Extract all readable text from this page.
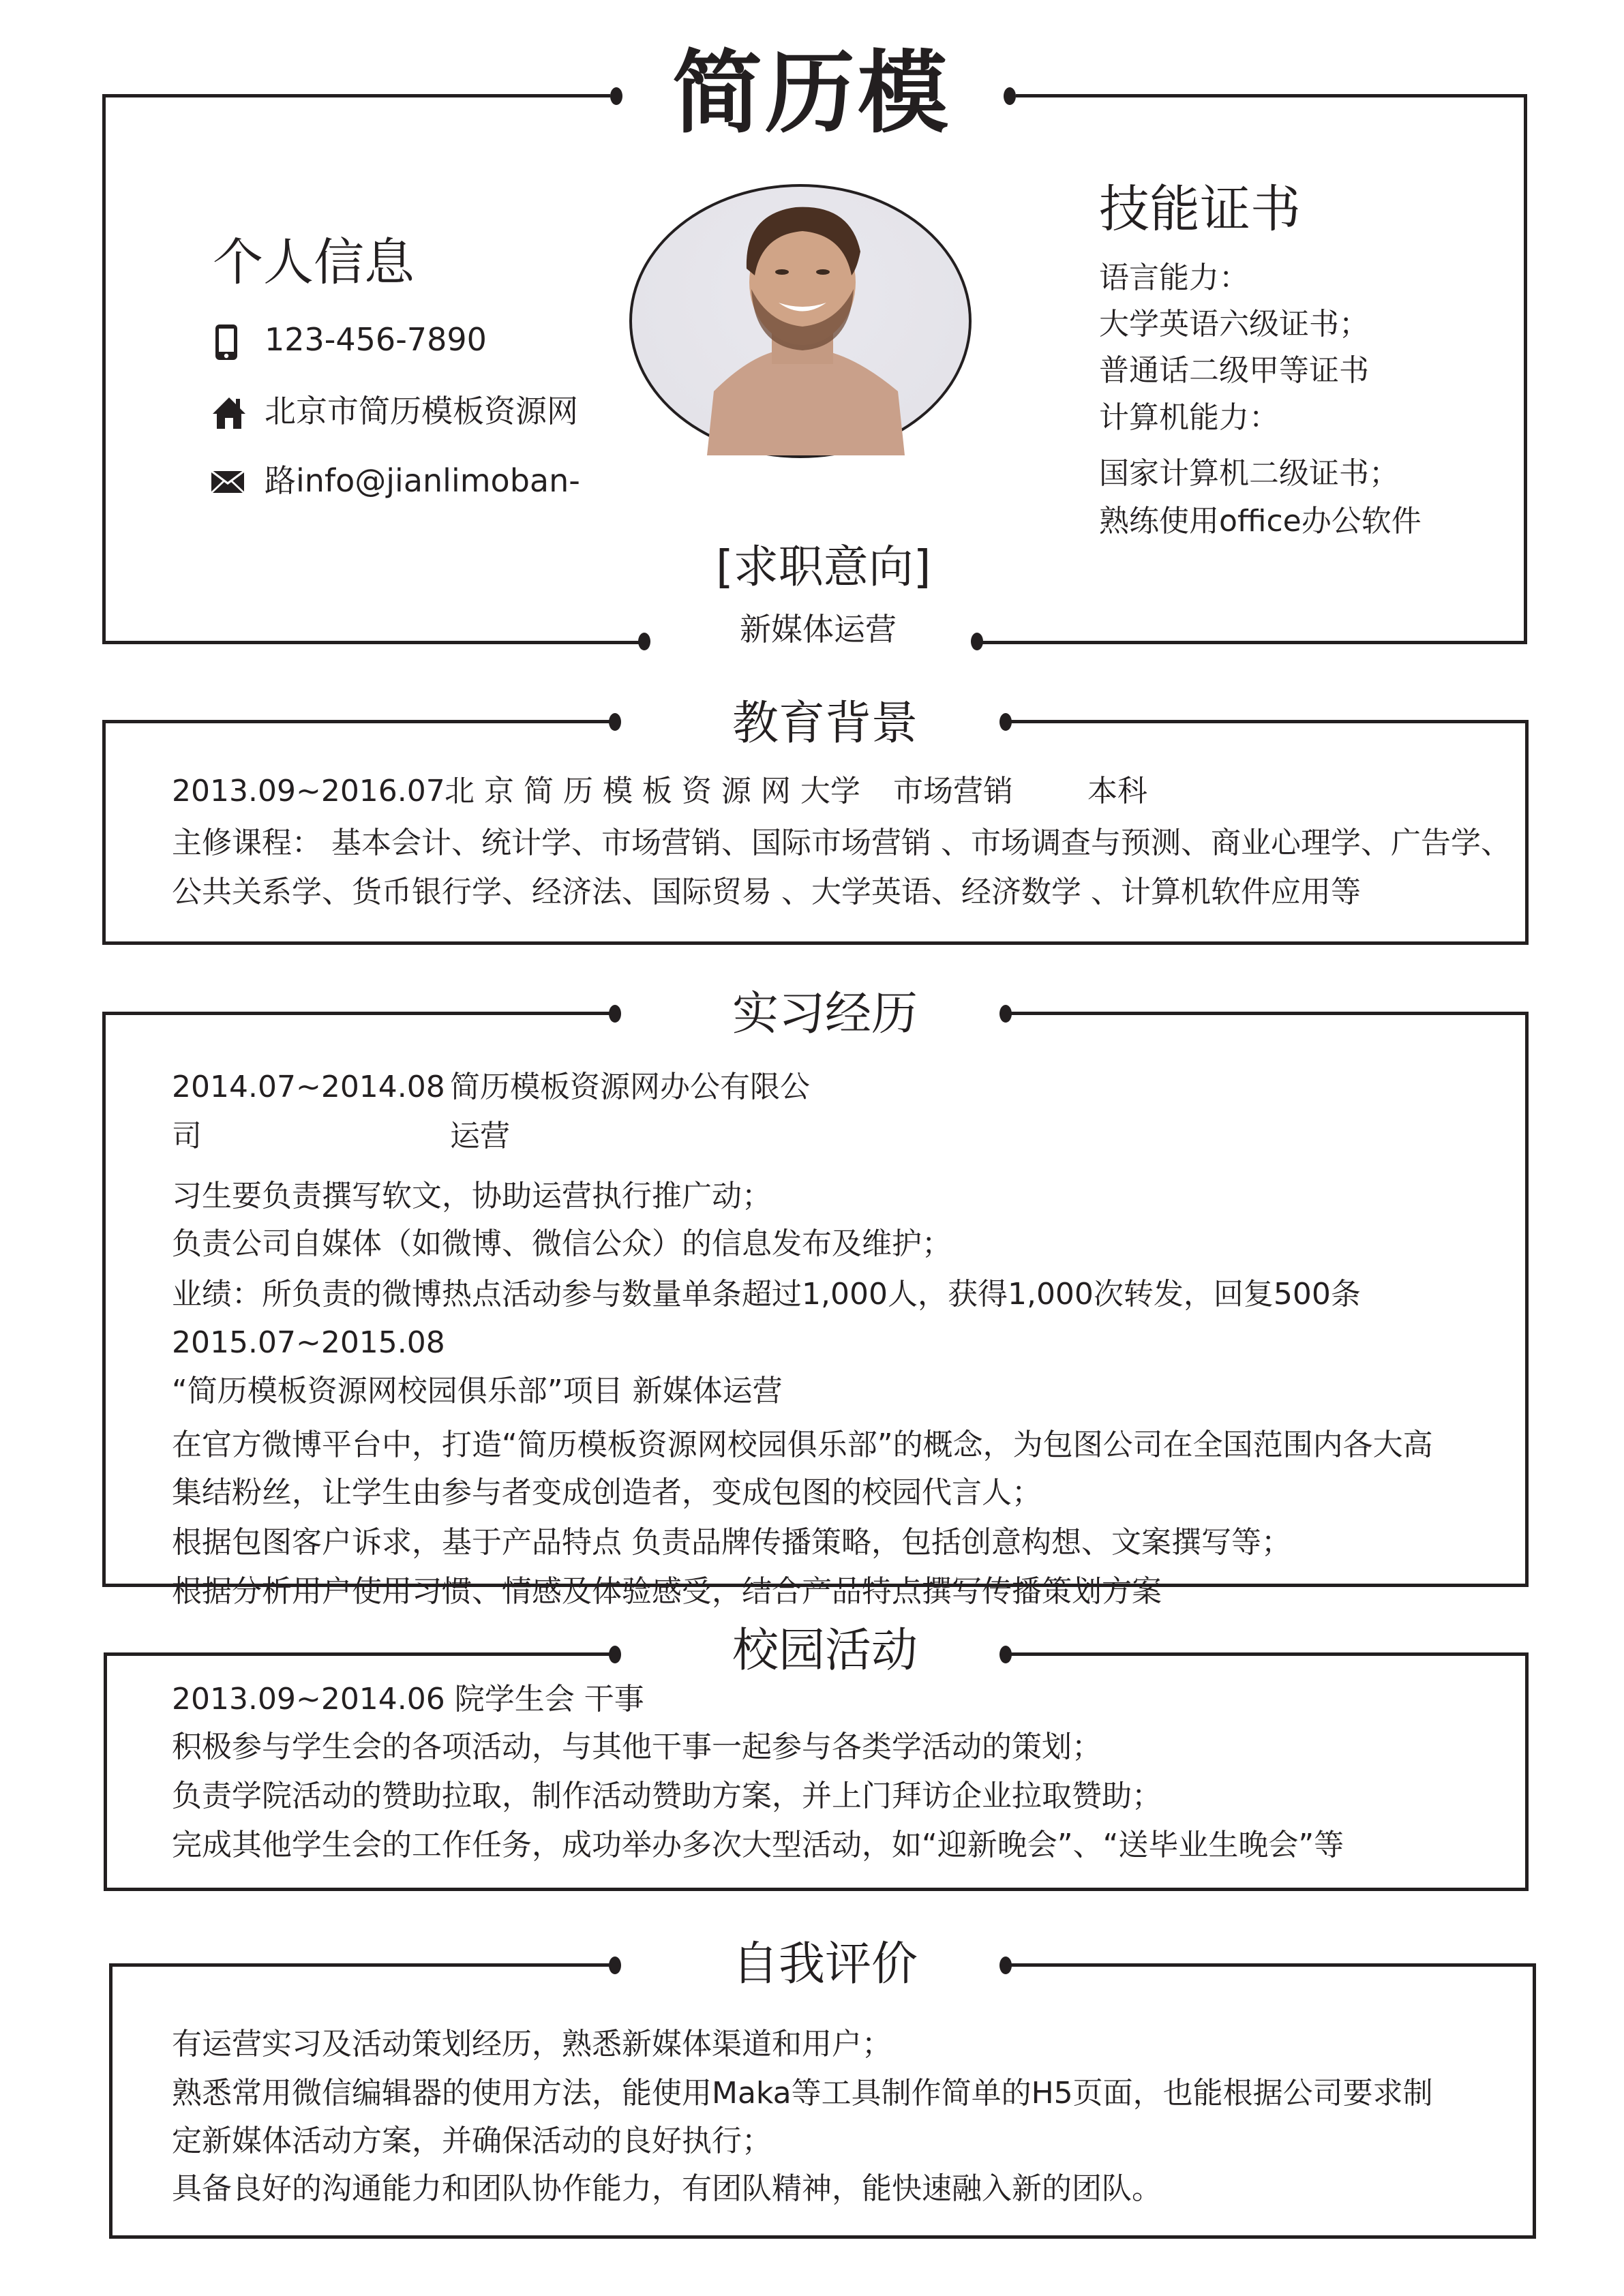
简历模
个人信息
123-456-7890
北京市简历模板资源网
路info@jianlimoban-
技能证书
语言能力：
大学英语六级证书；
普通话二级甲等证书
计算机能力：
国家计算机二级证书；
熟练使用office办公软件
[求职意向]
新媒体运营
教育背景
2013.09~2016.07 北 京 简 历 模 板 资 源 网 大学 市场营销 本科
主修课程： 基本会计、统计学、市场营销、国际市场营销 、市场调查与预测、商业心理学、广告学、
公共关系学、货币银行学、经济法、国际贸易 、大学英语、经济数学 、计算机软件应用等
实习经历
2014.07~2014.08 简历模板资源网办公有限公
司	运营
习生要负责撰写软文，协助运营执行推广动；
负责公司自媒体（如微博、微信公众）的信息发布及维护；
业绩：所负责的微博热点活动参与数量单条超过1,000人，获得1,000次转发，回复500条
2015.07~2015.08
“简历模板资源网校园俱乐部”项目 新媒体运营
在官方微博平台中，打造“简历模板资源网校园俱乐部”的概念，为包图公司在全国范围内各大高
集结粉丝，让学生由参与者变成创造者，变成包图的校园代言人；
根据包图客户诉求，基于产品特点 负责品牌传播策略，包括创意构想、文案撰写等；
根据分析用户使用习惯、情感及体验感受，结合产品特点撰写传播策划方案
校园活动
2013.09~2014.06 院学生会 干事
积极参与学生会的各项活动，与其他干事一起参与各类学活动的策划；
负责学院活动的赞助拉取，制作活动赞助方案，并上门拜访企业拉取赞助；
完成其他学生会的工作任务，成功举办多次大型活动，如“迎新晚会”、“送毕业生晚会”等
自我评价
有运营实习及活动策划经历，熟悉新媒体渠道和用户；
熟悉常用微信编辑器的使用方法，能使用Maka等工具制作简单的H5页面，也能根据公司要求制
定新媒体活动方案，并确保活动的良好执行；
具备良好的沟通能力和团队协作能力，有团队精神，能快速融入新的团队。
